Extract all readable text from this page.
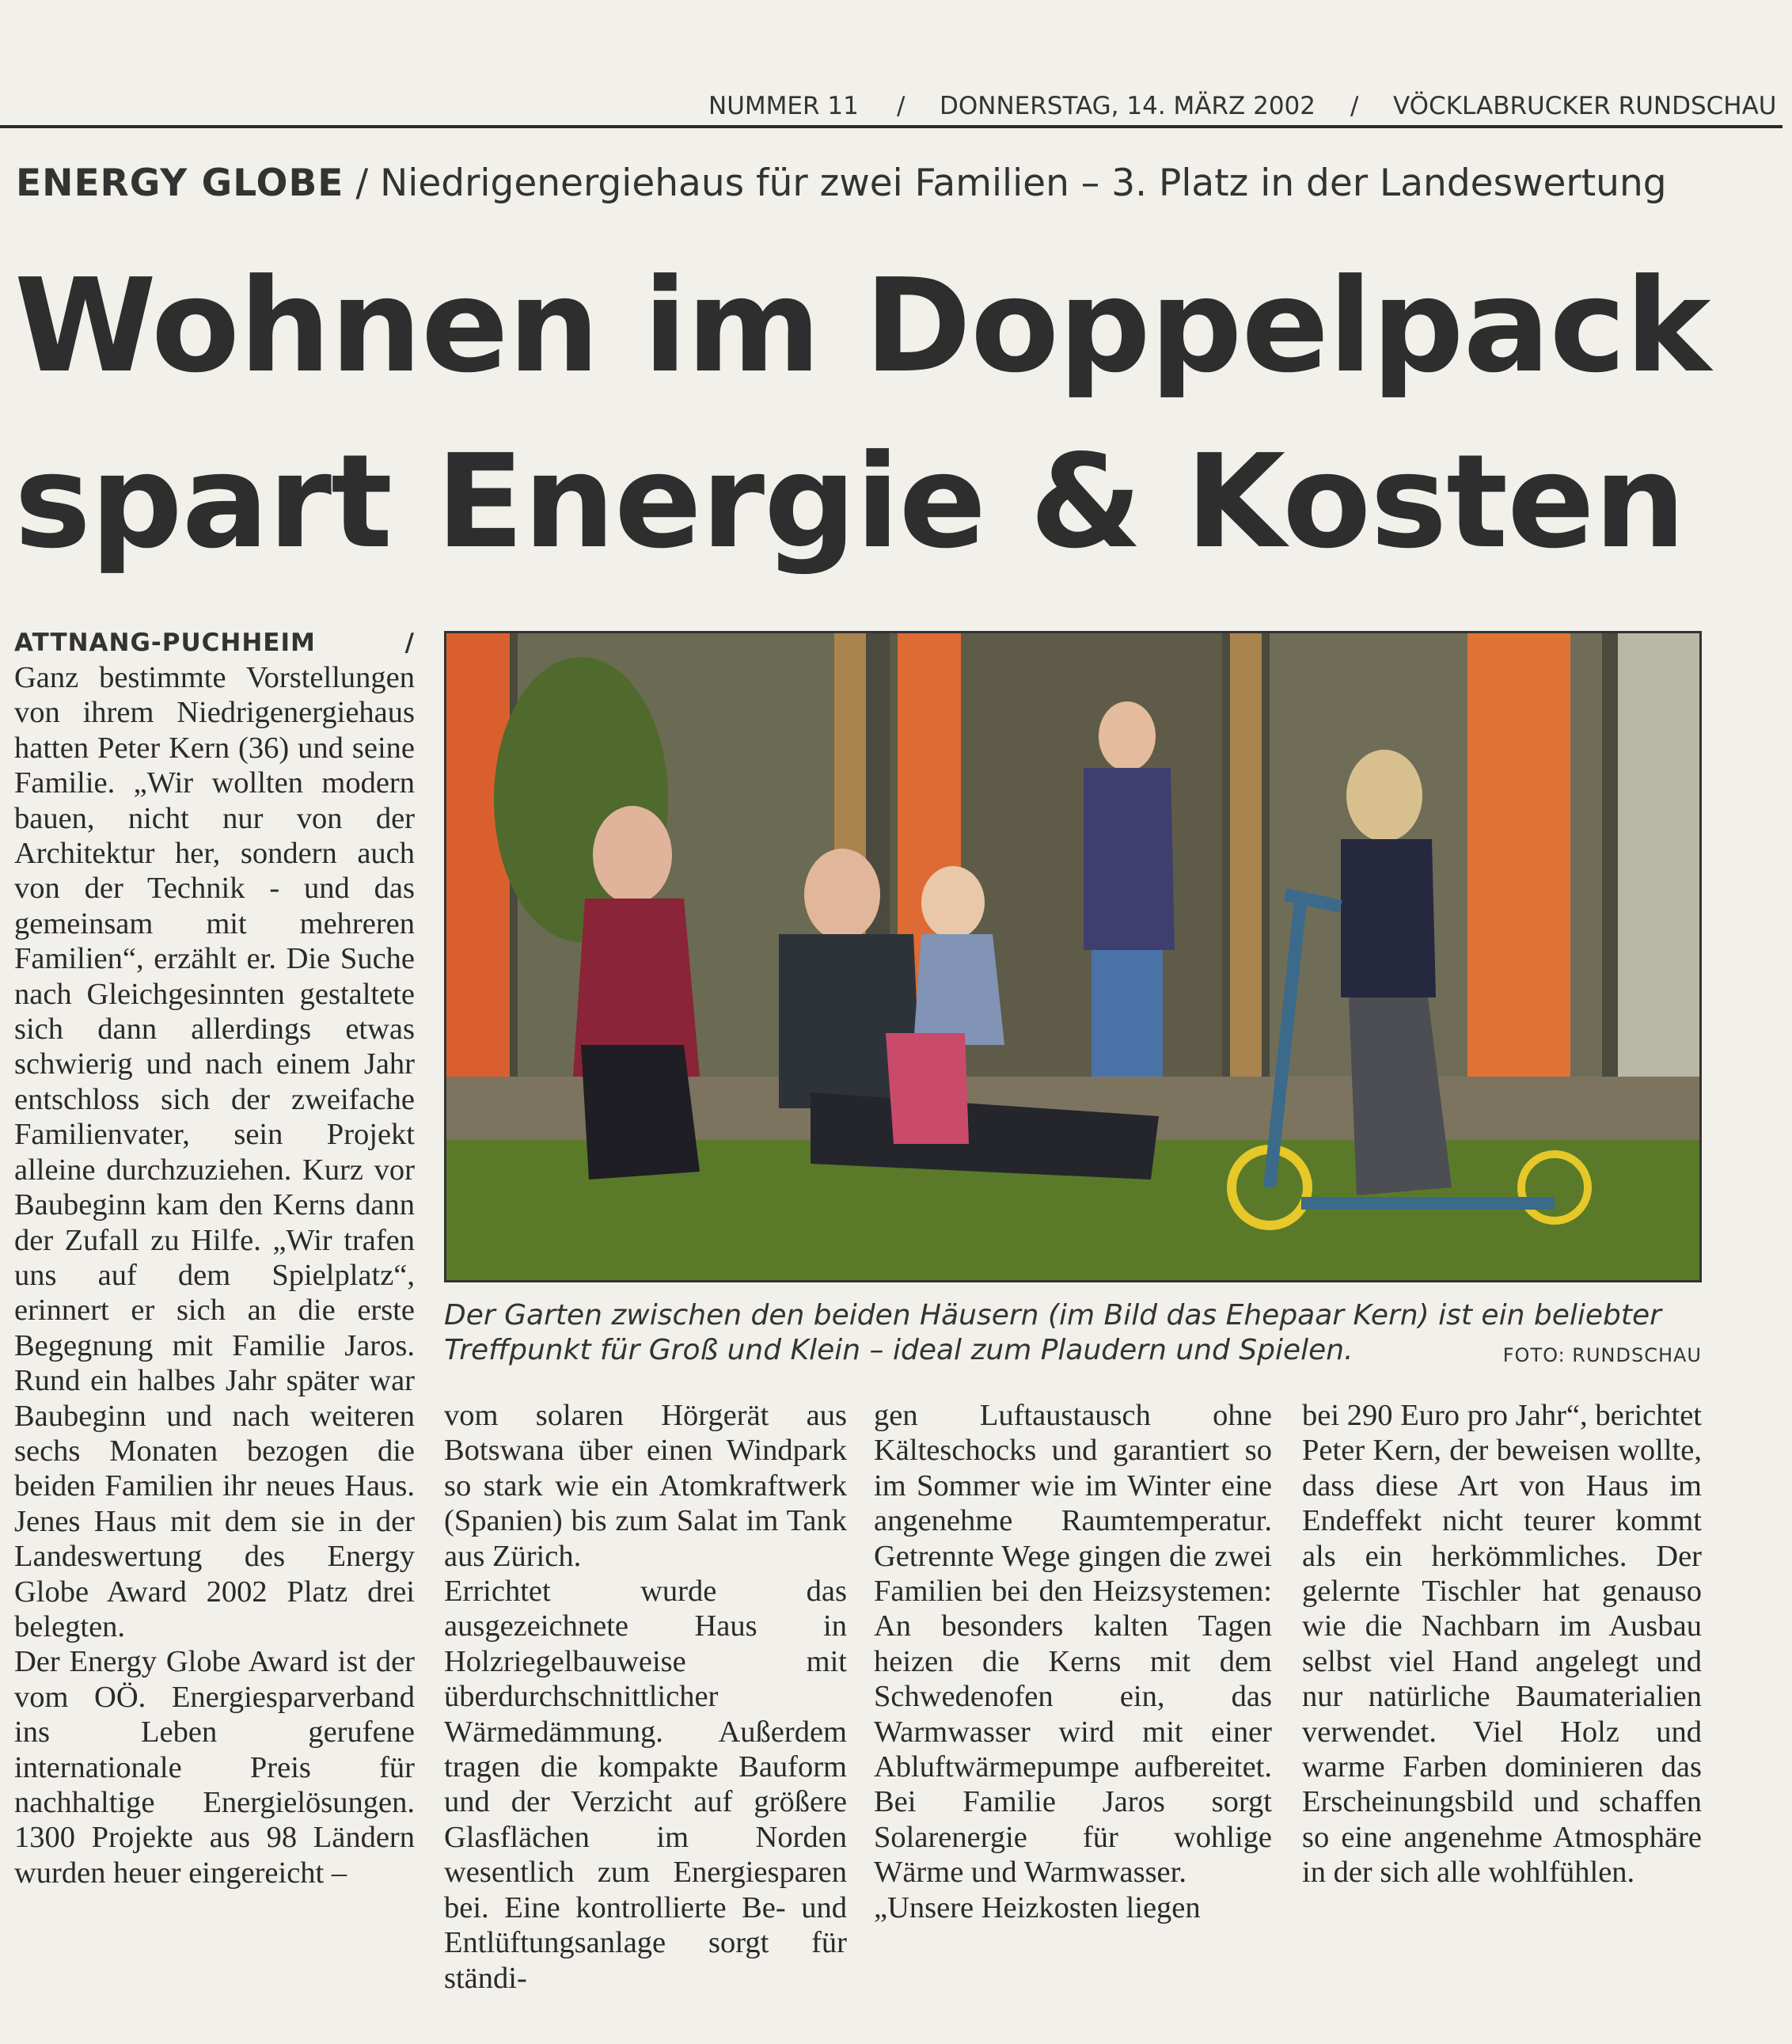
NUMMER 11 / DONNERSTAG, 14. MÄRZ 2002 / VÖCKLABRUCKER RUNDSCHAU
ENERGY GLOBE / Niedrigenergiehaus für zwei Familien – 3. Platz in der Landeswertung
Wohnen im Doppelpack
spart Energie & Kosten
ATTNANG-PUCHHEIM	/

Ganz bestimmte Vorstellungen von ihrem Niedrigenergiehaus hatten Peter Kern (36) und seine Familie. „Wir wollten modern bauen, nicht nur von der Architektur her, sondern auch von der Technik - und das gemeinsam mit mehreren Familien“, erzählt er. Die Suche nach Gleichgesinnten gestaltete sich dann allerdings etwas schwierig und nach einem Jahr entschloss sich der zweifache Familienvater, sein Projekt alleine durchzuziehen. Kurz vor Baubeginn kam den Kerns dann der Zufall zu Hilfe. „Wir trafen uns auf dem Spielplatz“, erinnert er sich an die erste Begegnung mit Familie Jaros. Rund ein halbes Jahr später war Baubeginn und nach weiteren sechs Monaten bezogen die beiden Familien ihr neues Haus. Jenes Haus mit dem sie in der Landeswertung des Energy Globe Award 2002 Platz drei belegten.

Der Energy Globe Award ist der vom OÖ. Energiesparverband ins Leben gerufene internationale Preis für nachhaltige Energielösungen. 1300 Projekte aus 98 Ländern wurden heuer eingereicht –

vom solaren Hörgerät aus Botswana über einen Windpark so stark wie ein Atomkraftwerk (Spanien) bis zum Salat im Tank aus Zürich.

Errichtet wurde das ausgezeichnete Haus in Holzriegelbauweise mit überdurchschnittlicher Wärmedämmung. Außerdem tragen die kompakte Bauform und der Verzicht auf größere Glasflächen im Norden wesentlich zum Energiesparen bei. Eine kontrollierte Be- und Entlüftungsanlage sorgt für ständi-

gen Luftaustausch ohne Kälteschocks und garantiert so im Sommer wie im Winter eine angenehme Raumtemperatur. Getrennte Wege gingen die zwei Familien bei den Heizsystemen: An besonders kalten Tagen heizen die Kerns mit dem Schwedenofen ein, das Warmwasser wird mit einer Abluftwärmepumpe aufbereitet. Bei Familie Jaros sorgt Solarenergie für wohlige Wärme und Warmwasser.

„Unsere Heizkosten liegen

bei 290 Euro pro Jahr“, berichtet Peter Kern, der beweisen wollte, dass diese Art von Haus im Endeffekt nicht teurer kommt als ein herkömmliches. Der gelernte Tischler hat genauso wie die Nachbarn im Ausbau selbst viel Hand angelegt und nur natürliche Baumaterialien verwendet. Viel Holz und warme Farben dominieren das Erscheinungsbild und schaffen so eine angenehme Atmosphäre in der sich alle wohlfühlen.

Der Garten zwischen den beiden Häusern (im Bild das Ehepaar Kern) ist ein beliebter
Treffpunkt für Groß und Klein – ideal zum Plaudern und Spielen.	FOTO: RUNDSCHAU
